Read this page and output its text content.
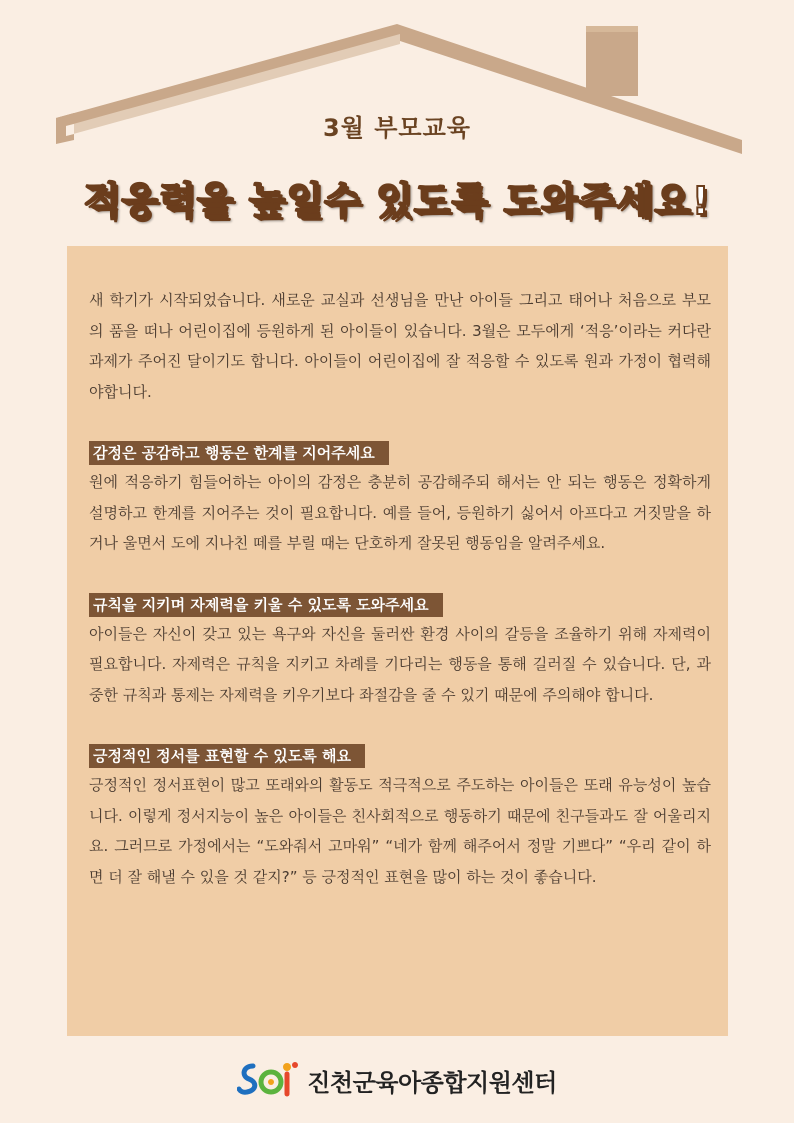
3월 부모교육
적응력을 높일수 있도록 도와주세요!

새 학기가 시작되었습니다. 새로운 교실과 선생님을 만난 아이들 그리고 태어나 처음으로 부모의 품을 떠나 어린이집에 등원하게 된 아이들이 있습니다. 3월은 모두에게 ‘적응’이라는 커다란 과제가 주어진 달이기도 합니다. 아이들이 어린이집에 잘 적응할 수 있도록 원과 가정이 협력해야합니다.

감정은 공감하고 행동은 한계를 지어주세요

원에 적응하기 힘들어하는 아이의 감정은 충분히 공감해주되 해서는 안 되는 행동은 정확하게 설명하고 한계를 지어주는 것이 필요합니다. 예를 들어, 등원하기 싫어서 아프다고 거짓말을 하거나 울면서 도에 지나친 떼를 부릴 때는 단호하게 잘못된 행동임을 알려주세요.

규칙을 지키며 자제력을 키울 수 있도록 도와주세요

아이들은 자신이 갖고 있는 욕구와 자신을 둘러싼 환경 사이의 갈등을 조율하기 위해 자제력이 필요합니다. 자제력은 규칙을 지키고 차례를 기다리는 행동을 통해 길러질 수 있습니다. 단, 과중한 규칙과 통제는 자제력을 키우기보다 좌절감을 줄 수 있기 때문에 주의해야 합니다.

긍정적인 정서를 표현할 수 있도록 해요

긍정적인 정서표현이 많고 또래와의 활동도 적극적으로 주도하는 아이들은 또래 유능성이 높습니다. 이렇게 정서지능이 높은 아이들은 친사회적으로 행동하기 때문에 친구들과도 잘 어울리지요. 그러므로 가정에서는 “도와줘서 고마워” “네가 함께 해주어서 정말 기쁘다” “우리 같이 하면 더 잘 해낼 수 있을 것 같지?” 등 긍정적인 표현을 많이 하는 것이 좋습니다.

진천군육아종합지원센터
